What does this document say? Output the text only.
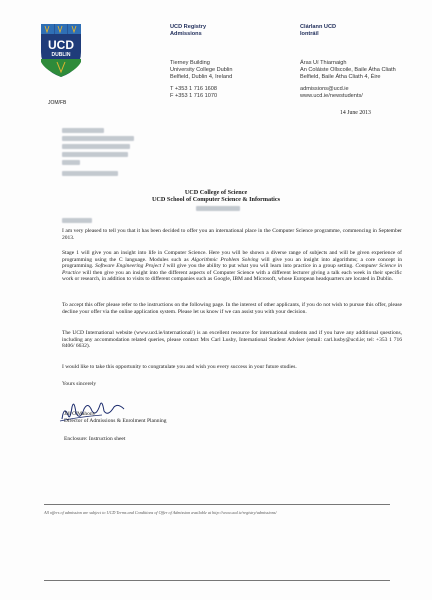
UCD
DUBLIN
UCD Registry
Admissions
Clárlann UCD
Iontráil
Tierney Building
University College Dublin
Belfield, Dublin 4, Ireland
T +353 1 716 1608
F +353 1 716 1070
Áras Uí Thiarnaigh
An Coláiste Ollscoile, Baile Átha Cliath
Belfield, Baile Átha Cliath 4, Éire
admissions@ucd.ie
www.ucd.ie/newstudents/
JOM/FB
14 June 2013
UCD College of Science
UCD School of Computer Science & Informatics
I am very pleased to tell you that it has been decided to offer you an international place in the Computer Science programme, commencing in September 2013.
Stage 1 will give you an insight into life in Computer Science. Here you will be shown a diverse range of subjects and will be given experience of programming using the C language. Modules such as Algorithmic Problem Solving will give you an insight into algorithms; a core concept in programming. Software Engineering Project I will give you the ability to put what you will learn into practice in a group setting. Computer Science in Practice will then give you an insight into the different aspects of Computer Science with a different lecturer giving a talk each week in their specific work or research, in addition to visits to different companies such as Google, IBM and Microsoft, whose European headquarters are located in Dublin.
To accept this offer please refer to the instructions on the following page. In the interest of other applicants, if you do not wish to pursue this offer, please decline your offer via the online application system. Please let us know if we can assist you with your decision.
The UCD International website (www.ucd.ie/international/) is an excellent resource for international students and if you have any additional questions, including any accommodation related queries, please contact Mrs Carl Lusby, International Student Adviser (email: carl.lusby@ucd.ie; tel: +353 1 716 8406/ 6632).
I would like to take this opportunity to congratulate you and wish you every success in your future studies.
Yours sincerely
Jill O'Mahony
Director of Admissions & Enrolment Planning
Enclosure: Instruction sheet
All offers of admission are subject to UCD Terms and Conditions of Offer of Admission available at http://www.ucd.ie/registry/admissions/
